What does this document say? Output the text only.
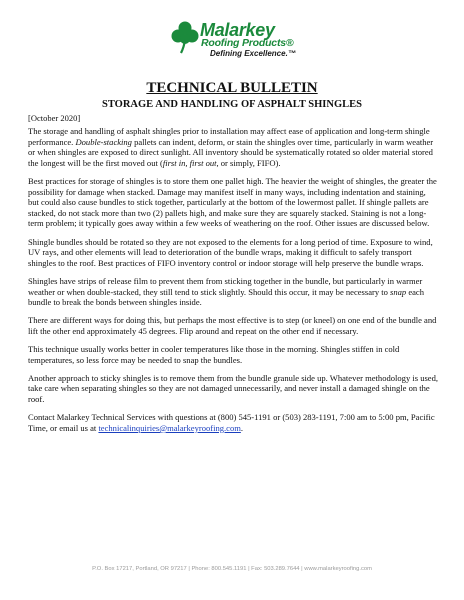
Malarkey
Roofing Products®
Defining Excellence.™
TECHNICAL BULLETIN
STORAGE AND HANDLING OF ASPHALT SHINGLES
[October 2020]

The storage and handling of asphalt shingles prior to installation may affect ease of application and long-term shingle performance. Double-stacking pallets can indent, deform, or stain the shingles over time, particularly in warm weather or when shingles are exposed to direct sunlight. All inventory should be systematically rotated so older material stored the longest will be the first moved out (first in, first out, or simply, FIFO).

Best practices for storage of shingles is to store them one pallet high. The heavier the weight of shingles, the greater the possibility for damage when stacked. Damage may manifest itself in many ways, including indentation and staining, but could also cause bundles to stick together, particularly at the bottom of the lowermost pallet. If shingle pallets are stacked, do not stack more than two (2) pallets high, and make sure they are squarely stacked. Staining is not a long-term problem; it typically goes away within a few weeks of weathering on the roof. Other issues are discussed below.

Shingle bundles should be rotated so they are not exposed to the elements for a long period of time. Exposure to wind, UV rays, and other elements will lead to deterioration of the bundle wraps, making it difficult to safely transport shingles to the roof. Best practices of FIFO inventory control or indoor storage will help preserve the bundle wraps.

Shingles have strips of release film to prevent them from sticking together in the bundle, but particularly in warmer weather or when double-stacked, they still tend to stick slightly. Should this occur, it may be necessary to snap each bundle to break the bonds between shingles inside.

There are different ways for doing this, but perhaps the most effective is to step (or kneel) on one end of the bundle and lift the other end approximately 45 degrees. Flip around and repeat on the other end if necessary.

This technique usually works better in cooler temperatures like those in the morning. Shingles stiffen in cold temperatures, so less force may be needed to snap the bundles.

Another approach to sticky shingles is to remove them from the bundle granule side up. Whatever methodology is used, take care when separating shingles so they are not damaged unnecessarily, and never install a damaged shingle on the roof.

Contact Malarkey Technical Services with questions at (800) 545-1191 or (503) 283-1191, 7:00 am to 5:00 pm, Pacific Time, or email us at technicalinquiries@malarkeyroofing.com.

P.O. Box 17217, Portland, OR 97217 | Phone: 800.545.1191 | Fax: 503.289.7644 | www.malarkeyroofing.com
